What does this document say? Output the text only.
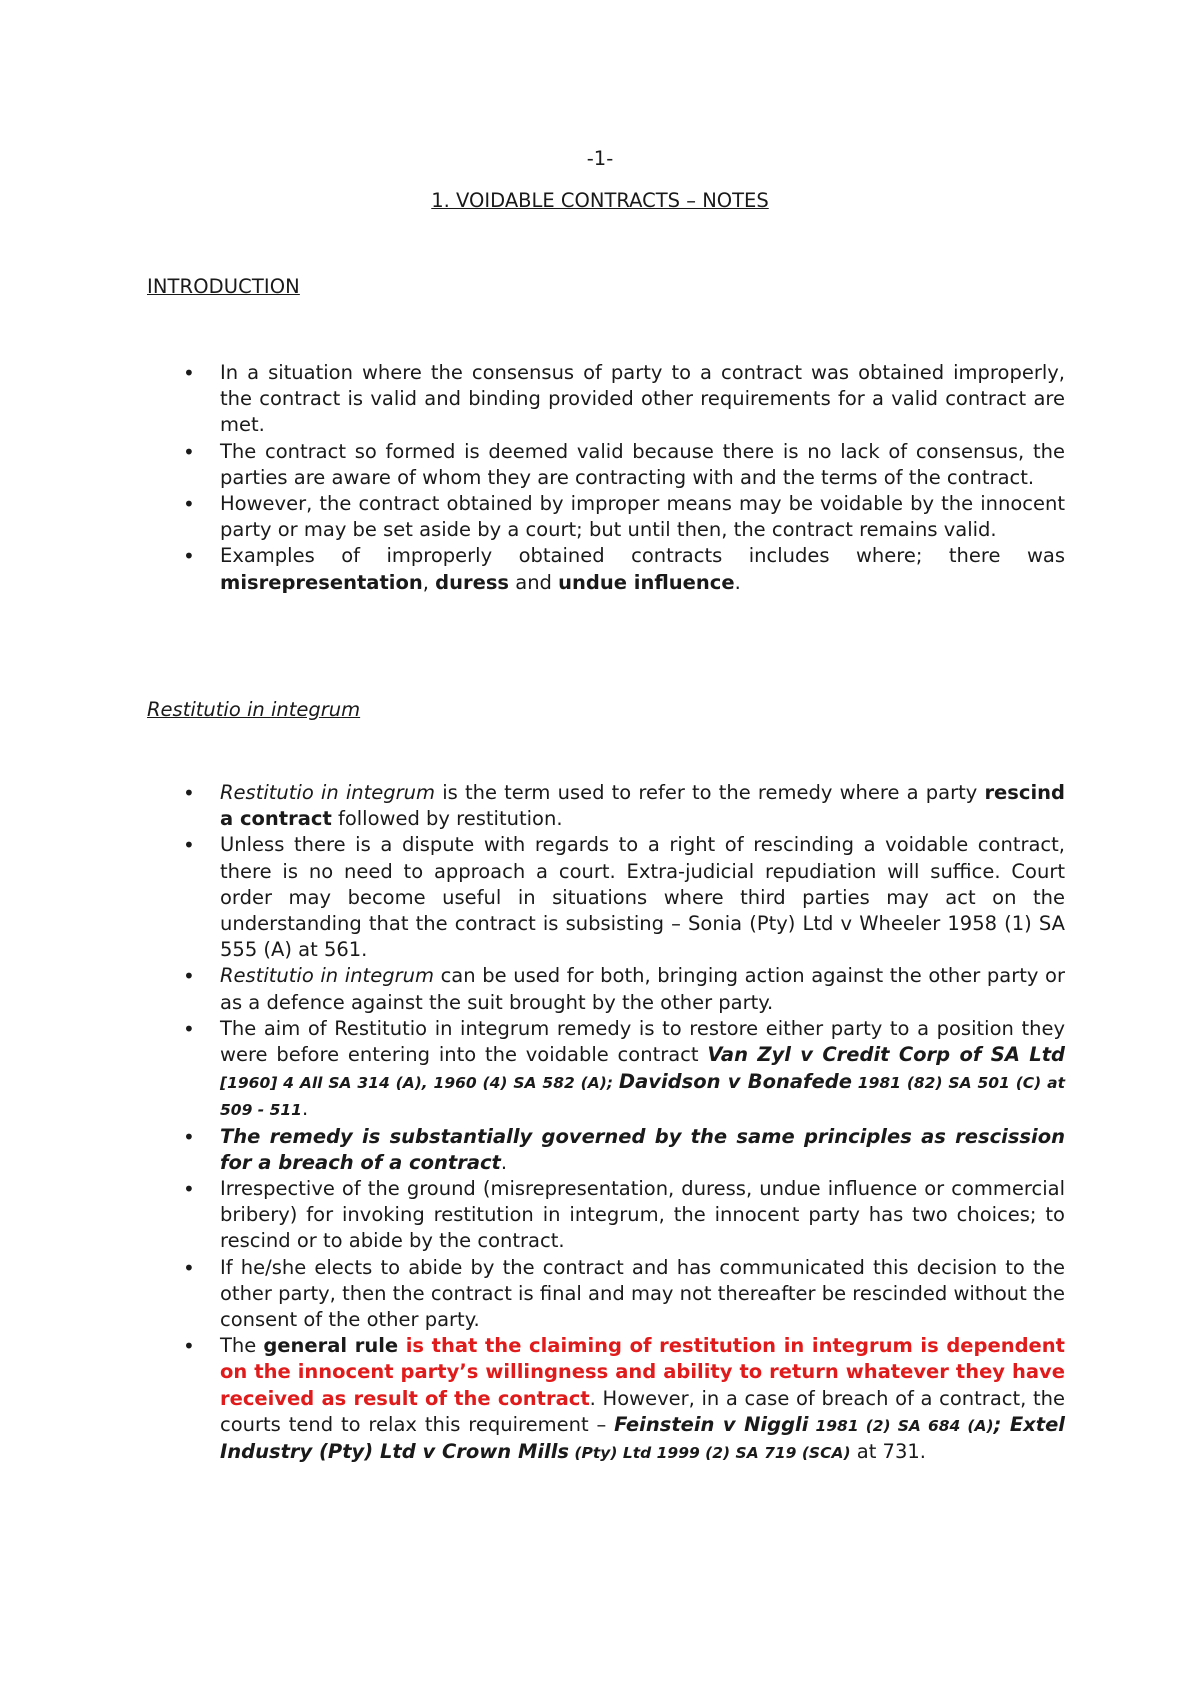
-1-
1. VOIDABLE CONTRACTS – NOTES
INTRODUCTION
• In a situation where the consensus of party to a contract was obtained improperly, the contract is valid and binding provided other requirements for a valid contract are met.
• The contract so formed is deemed valid because there is no lack of consensus, the parties are aware of whom they are contracting with and the terms of the contract.
• However, the contract obtained by improper means may be voidable by the innocent party or may be set aside by a court; but until then, the contract remains valid.
• Examples of improperly obtained contracts includes where; there was misrepresentation, duress and undue influence.
Restitutio in integrum
• Restitutio in integrum is the term used to refer to the remedy where a party rescind a contract followed by restitution.
• Unless there is a dispute with regards to a right of rescinding a voidable contract, there is no need to approach a court. Extra-judicial repudiation will suffice. Court order may become useful in situations where third parties may act on the understanding that the contract is subsisting – Sonia (Pty) Ltd v Wheeler 1958 (1) SA 555 (A) at 561.
• Restitutio in integrum can be used for both, bringing action against the other party or as a defence against the suit brought by the other party.
• The aim of Restitutio in integrum remedy is to restore either party to a position they were before entering into the voidable contract Van Zyl v Credit Corp of SA Ltd [1960] 4 All SA 314 (A), 1960 (4) SA 582 (A); Davidson v Bonafede 1981 (82) SA 501 (C) at 509 - 511.
• The remedy is substantially governed by the same principles as rescission for a breach of a contract.
• Irrespective of the ground (misrepresentation, duress, undue influence or commercial bribery) for invoking restitution in integrum, the innocent party has two choices; to rescind or to abide by the contract.
• If he/she elects to abide by the contract and has communicated this decision to the other party, then the contract is final and may not thereafter be rescinded without the consent of the other party.
• The general rule is that the claiming of restitution in integrum is dependent on the innocent party’s willingness and ability to return whatever they have received as result of the contract. However, in a case of breach of a contract, the courts tend to relax this requirement – Feinstein v Niggli 1981 (2) SA 684 (A); Extel Industry (Pty) Ltd v Crown Mills (Pty) Ltd 1999 (2) SA 719 (SCA) at 731.
